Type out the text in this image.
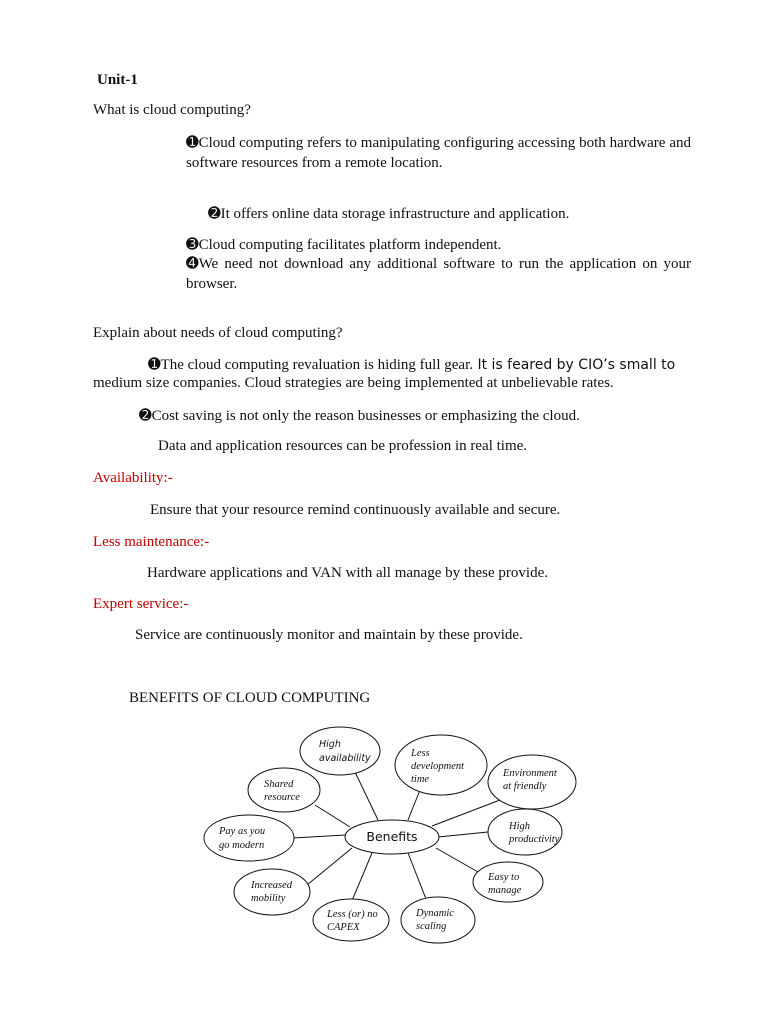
Unit-1
What is cloud computing?
➊Cloud computing refers to manipulating configuring accessing both hardware and software resources from a remote location.
➋It offers online data storage infrastructure and application.
➌Cloud computing facilitates platform independent.
➍We need not download any additional software to run the application on your browser.
Explain about needs of cloud computing?
➊The cloud computing revaluation is hiding full gear. It is feared by CIO’s small to
medium size companies. Cloud strategies are being implemented at unbelievable rates.
➋Cost saving is not only the reason businesses or emphasizing the cloud.
Data and application resources can be profession in real time.
Availability:-
Ensure that your resource remind continuously available and secure.
Less maintenance:-
Hardware applications and VAN with all manage by these provide.
Expert service:-
Service are continuously monitor and maintain by these provide.
BENEFITS OF CLOUD COMPUTING
Benefits
High
availability	Less
development
time
Environment
at friendly
Shared
resource
Pay as you
go modern
High
productivity
Increased
mobility
Easy to
manage
Less (or) no
CAPEX
Dynamic
scaling
